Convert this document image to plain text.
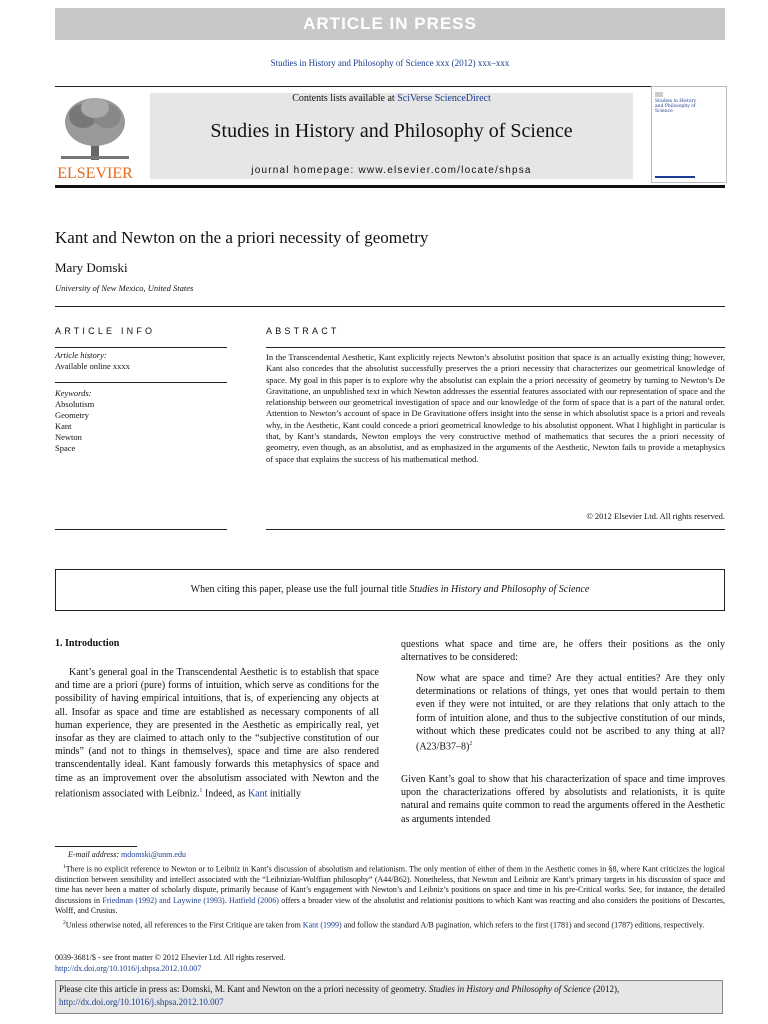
ARTICLE IN PRESS
Studies in History and Philosophy of Science xxx (2012) xxx–xxx
ELSEVIER
Contents lists available at SciVerse ScienceDirect
Studies in History and Philosophy of Science
journal homepage: www.elsevier.com/locate/shpsa
Studies in History and Philosophy of Science
Kant and Newton on the a priori necessity of geometry
Mary Domski
University of New Mexico, United States
ARTICLE INFO
Article history:
Available online xxxx
Keywords:
Absolutism
Geometry
Kant
Newton
Space
ABSTRACT
In the Transcendental Aesthetic, Kant explicitly rejects Newton’s absolutist position that space is an actually existing thing; however, Kant also concedes that the absolutist successfully preserves the a priori necessity that characterizes our geometrical knowledge of space. My goal in this paper is to explore why the absolutist can explain the a priori necessity of geometry by turning to Newton’s De Gravitatione, an unpublished text in which Newton addresses the essential features associated with our representation of space and the relationship between our geometrical investigation of space and our knowledge of the form of space that is a part of the natural order. Attention to Newton’s account of space in De Gravitatione offers insight into the sense in which absolutist space is a priori and reveals why, in the Aesthetic, Kant could concede a priori geometrical knowledge to his absolutist opponent. What I highlight in particular is that, by Kant’s standards, Newton employs the very constructive method of mathematics that secures the a priori necessity of geometry, even though, as an absolutist, and as emphasized in the arguments of the Aesthetic, Newton fails to provide a metaphysics of space that explains the success of his mathematical method.
© 2012 Elsevier Ltd. All rights reserved.
When citing this paper, please use the full journal title Studies in History and Philosophy of Science
1. Introduction
Kant’s general goal in the Transcendental Aesthetic is to establish that space and time are a priori (pure) forms of intuition, which serve as conditions for the possibility of having empirical intuitions, that is, of experiencing any objects at all. Insofar as space and time are established as necessary components of all human experience, they are presented in the Aesthetic as empirically real, yet insofar as they are claimed to attach only to the “subjective constitution of our minds” (and not to things in themselves), space and time are also rendered transcendentally ideal. Kant famously forwards this metaphysics of space and time as an improvement over the absolutism associated with Newton and the relationism associated with Leibniz.$^1$ Indeed, as Kant initially
questions what space and time are, he offers their positions as the only alternatives to be considered:
Now what are space and time? Are they actual entities? Are they only determinations or relations of things, yet ones that would pertain to them even if they were not intuited, or are they relations that only attach to the form of intuition alone, and thus to the subjective constitution of our minds, without which these predicates could not be ascribed to any thing at all? $(A23/B37-8)^2$
Given Kant’s goal to show that his characterization of space and time improves upon the characterizations offered by absolutists and relationists, it is quite natural and remains quite common to read the arguments offered in the Aesthetic as arguments intended
E-mail address: mdomski@unm.edu
$^1$There is no explicit reference to Newton or to Leibniz in Kant’s discussion of absolutism and relationism. The only mention of either of them in the Aesthetic comes in §8, where Kant criticizes the logical distinction between sensibility and intellect associated with the “Leibnizian-Wolffian philosophy” (A44/B62). Nonetheless, that Newton and Leibniz are Kant’s primary targets in his discussion of space and time has never been a matter of scholarly dispute, primarily because of Kant’s engagement with Newton’s and Leibniz’s positions on space and time in his pre-Critical works. See, for instance, the detailed discussions in Friedman (1992) and Laywine (1993). Hatfield (2006) offers a broader view of the absolutist and relationist positions to which Kant was reacting and also considers the positions of Descartes, Wolff, and Crusius.
$^2$Unless otherwise noted, all references to the First Critique are taken from Kant (1999) and follow the standard A/B pagination, which refers to the first (1781) and second (1787) editions, respectively.
0039-3681/$ - see front matter © 2012 Elsevier Ltd. All rights reserved.
http://dx.doi.org/10.1016/j.shpsa.2012.10.007
Please cite this article in press as: Domski, M. Kant and Newton on the a priori necessity of geometry. Studies in History and Philosophy of Science (2012),
http://dx.doi.org/10.1016/j.shpsa.2012.10.007
